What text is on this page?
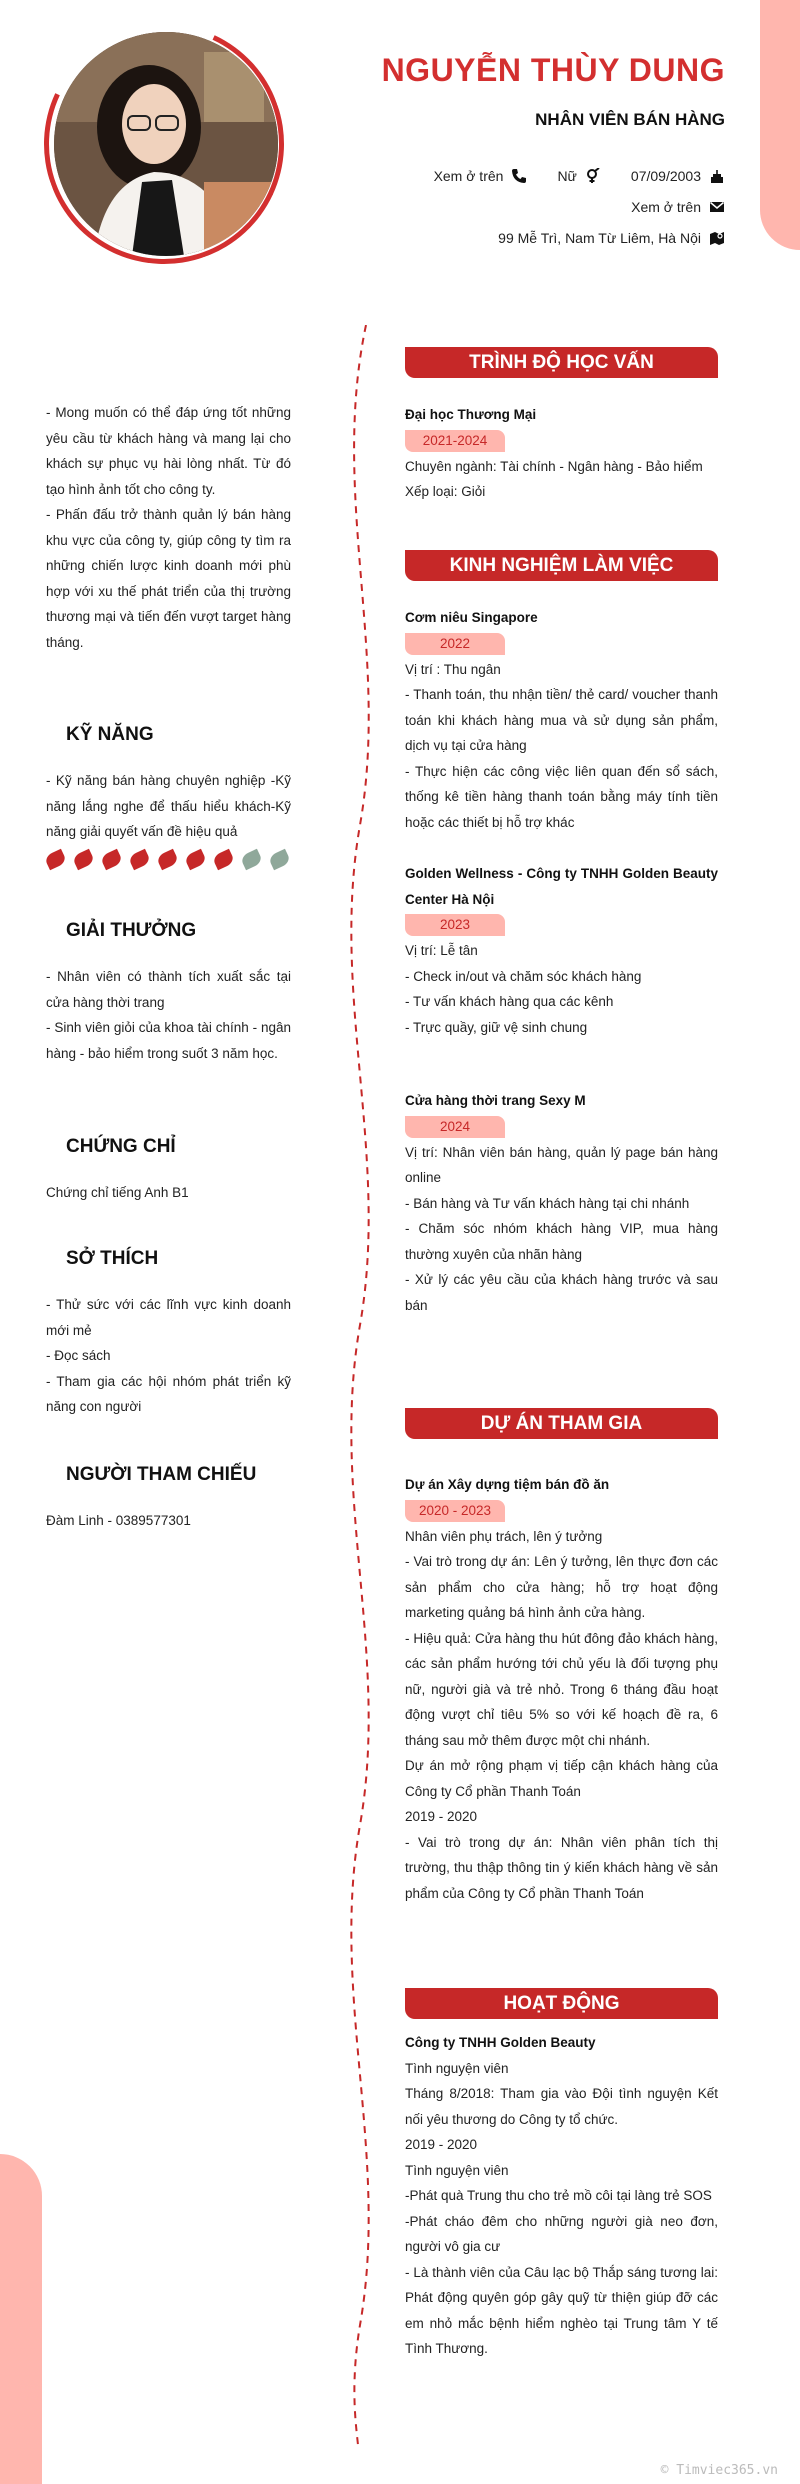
NGUYỄN THÙY DUNG
NHÂN VIÊN BÁN HÀNG
Xem ở trên	Nữ	07/09/2003
Xem ở trên
99 Mễ Trì, Nam Từ Liêm, Hà Nội
- Mong muốn có thể đáp ứng tốt những yêu cầu từ khách hàng và mang lại cho khách sự phục vụ hài lòng nhất. Từ đó tạo hình ảnh tốt cho công ty.
- Phấn đấu trở thành quản lý bán hàng khu vực của công ty, giúp công ty tìm ra những chiến lược kinh doanh mới phù hợp với xu thế phát triển của thị trường thương mại và tiến đến vượt target hàng tháng.
KỸ NĂNG
- Kỹ năng bán hàng chuyên nghiệp -Kỹ năng lắng nghe để thấu hiểu khách-Kỹ năng giải quyết vấn đề hiệu quả
GIẢI THƯỞNG
- Nhân viên có thành tích xuất sắc tại cửa hàng thời trang
- Sinh viên giỏi của khoa tài chính - ngân hàng - bảo hiểm trong suốt 3 năm học.
CHỨNG CHỈ
Chứng chỉ tiếng Anh B1
SỞ THÍCH
- Thử sức với các lĩnh vực kinh doanh mới mẻ
- Đọc sách
- Tham gia các hội nhóm phát triển kỹ năng con người
NGƯỜI THAM CHIẾU
Đàm Linh - 0389577301
TRÌNH ĐỘ HỌC VẤN
Đại học Thương Mại
2021-2024
Chuyên ngành: Tài chính - Ngân hàng - Bảo hiểm
Xếp loại: Giỏi
KINH NGHIỆM LÀM VIỆC
Cơm niêu Singapore
2022
Vị trí : Thu ngân
- Thanh toán, thu nhận tiền/ thẻ card/ voucher thanh toán khi khách hàng mua và sử dụng sản phẩm, dịch vụ tại cửa hàng
- Thực hiện các công việc liên quan đến sổ sách, thống kê tiền hàng thanh toán bằng máy tính tiền hoặc các thiết bị hỗ trợ khác
Golden Wellness - Công ty TNHH Golden Beauty Center Hà Nội
2023
Vị trí: Lễ tân
- Check in/out và chăm sóc khách hàng
- Tư vấn khách hàng qua các kênh
- Trực quầy, giữ vệ sinh chung
Cửa hàng thời trang Sexy M
2024
Vị trí: Nhân viên bán hàng, quản lý page bán hàng online
- Bán hàng và Tư vấn khách hàng tại chi nhánh
- Chăm sóc nhóm khách hàng VIP, mua hàng thường xuyên của nhãn hàng
- Xử lý các yêu cầu của khách hàng trước và sau bán
DỰ ÁN THAM GIA
Dự án Xây dựng tiệm bán đồ ăn
2020 - 2023
Nhân viên phụ trách, lên ý tưởng
- Vai trò trong dự án: Lên ý tưởng, lên thực đơn các sản phẩm cho cửa hàng; hỗ trợ hoạt động marketing quảng bá hình ảnh cửa hàng.
- Hiệu quả: Cửa hàng thu hút đông đảo khách hàng, các sản phẩm hướng tới chủ yếu là đối tượng phụ nữ, người già và trẻ nhỏ. Trong 6 tháng đầu hoạt động vượt chỉ tiêu 5% so với kế hoạch đề ra, 6 tháng sau mở thêm được một chi nhánh.
Dự án mở rộng phạm vị tiếp cận khách hàng của Công ty Cổ phần Thanh Toán
2019 - 2020
- Vai trò trong dự án: Nhân viên phân tích thị trường, thu thập thông tin ý kiến khách hàng về sản phẩm của Công ty Cổ phần Thanh Toán
HOẠT ĐỘNG
Công ty TNHH Golden Beauty
Tình nguyện viên
Tháng 8/2018: Tham gia vào Đội tình nguyện Kết nối yêu thương do Công ty tổ chức.
2019 - 2020
Tình nguyện viên
-Phát quà Trung thu cho trẻ mồ côi tại làng trẻ SOS
-Phát cháo đêm cho những người già neo đơn, người vô gia cư
- Là thành viên của Câu lạc bộ Thắp sáng tương lai: Phát động quyên góp gây quỹ từ thiện giúp đỡ các em nhỏ mắc bệnh hiểm nghèo tại Trung tâm Y tế Tình Thương.
© Timviec365.vn
